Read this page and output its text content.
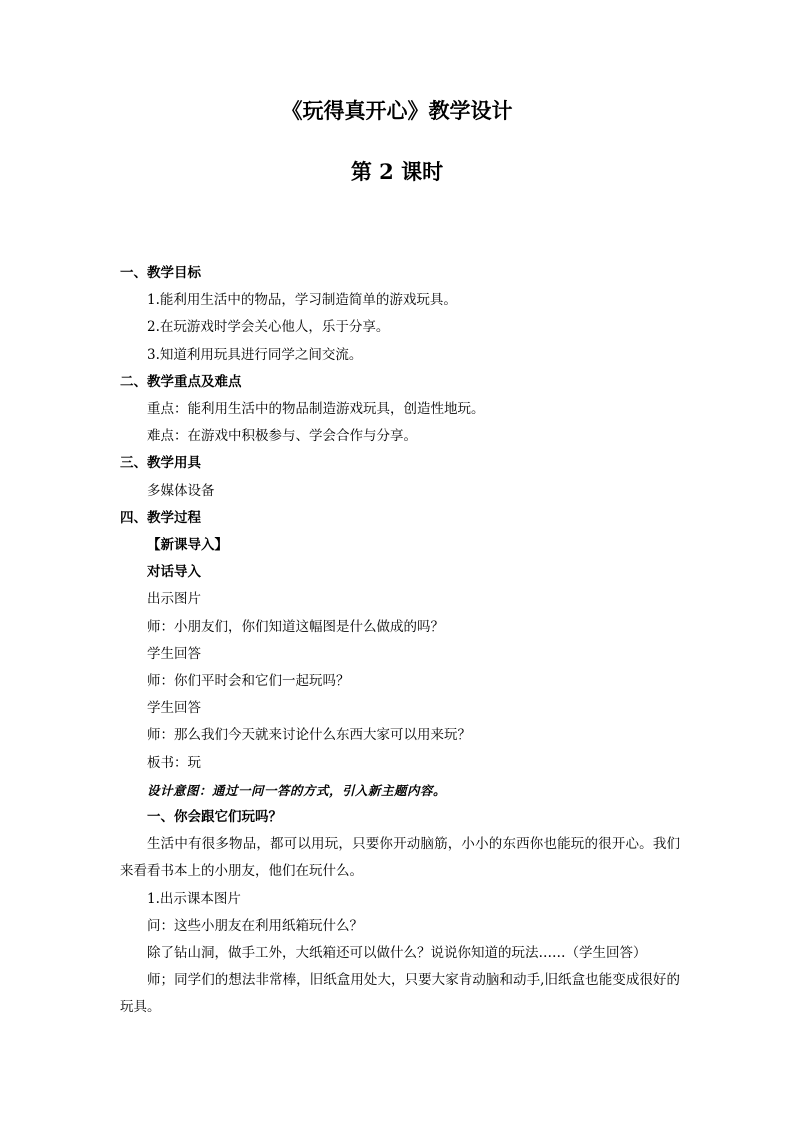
《玩得真开心》教学设计
第 2 课时
一、教学目标
1.能利用生活中的物品，学习制造简单的游戏玩具。
2.在玩游戏时学会关心他人，乐于分享。
3.知道利用玩具进行同学之间交流。
二、教学重点及难点
重点：能利用生活中的物品制造游戏玩具，创造性地玩。
难点：在游戏中积极参与、学会合作与分享。
三、教学用具
多媒体设备
四、教学过程
【新课导入】
对话导入
出示图片
师：小朋友们，你们知道这幅图是什么做成的吗？
学生回答
师：你们平时会和它们一起玩吗？
学生回答
师：那么我们今天就来讨论什么东西大家可以用来玩？
板书：玩
设计意图：通过一问一答的方式，引入新主题内容。
一、你会跟它们玩吗？
生活中有很多物品，都可以用玩，只要你开动脑筋，小小的东西你也能玩的很开心。我们来看看书本上的小朋友，他们在玩什么。
1.出示课本图片
问：这些小朋友在利用纸箱玩什么？
除了钻山洞，做手工外，大纸箱还可以做什么？说说你知道的玩法……（学生回答）
师；同学们的想法非常棒，旧纸盒用处大，只要大家肯动脑和动手,旧纸盒也能变成很好的玩具。
